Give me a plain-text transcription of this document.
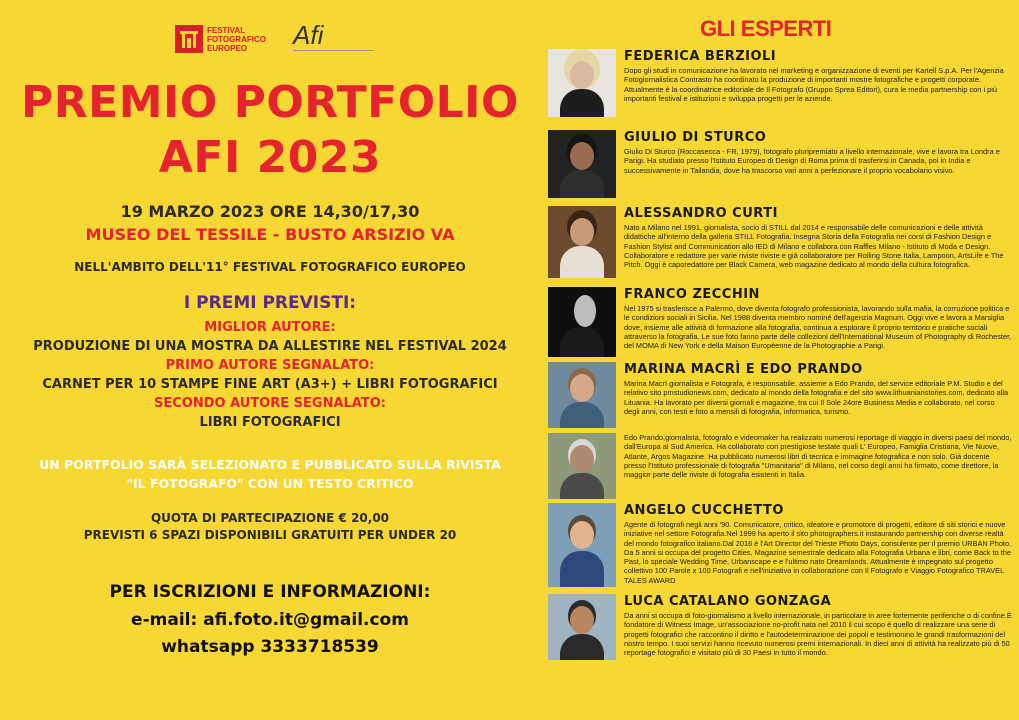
FESTIVAL
FOTOGRAFICO
EUROPEO	Afi
PREMIO PORTFOLIO
AFI 2023
19 MARZO 2023 ORE 14,30/17,30
MUSEO DEL TESSILE - BUSTO ARSIZIO VA
NELL'AMBITO DELL'11° FESTIVAL FOTOGRAFICO EUROPEO
I PREMI PREVISTI:
MIGLIOR AUTORE:
PRODUZIONE DI UNA MOSTRA DA ALLESTIRE NEL FESTIVAL 2024
PRIMO AUTORE SEGNALATO:
CARNET PER 10 STAMPE FINE ART (A3+) + LIBRI FOTOGRAFICI
SECONDO AUTORE SEGNALATO:
LIBRI FOTOGRAFICI
UN PORTFOLIO SARÀ SELEZIONATO E PUBBLICATO SULLA RIVISTA
"IL FOTOGRAFO" CON UN TESTO CRITICO
QUOTA DI PARTECIPAZIONE € 20,00
PREVISTI 6 SPAZI DISPONIBILI GRATUITI PER UNDER 20
PER ISCRIZIONI E INFORMAZIONI:
e-mail: afi.foto.it@gmail.com
whatsapp 3333718539
GLI ESPERTI
FEDERICA BERZIOLI
Dopo gli studi in comunicazione ha lavorato nel marketing e organizzazione di eventi per Kartell S.p.A. Per l'Agenzia Fotogiornalistica Contrasto ha coordinato la produzione di importanti mostre fotografiche e progetti corporate. Attualmente è la coordinatrice editoriale de Il Fotografo (Gruppo Sprea Editori), cura le media partnership con i più importanti festival e istituzioni e sviluppa progetti per le aziende.
GIULIO DI STURCO
Giulio Di Sturco (Roccasecca - FR, 1979), fotografo pluripremiato a livello internazionale, vive e lavora tra Londra e Parigi. Ha studiato presso l'Istituto Europeo di Design di Roma prima di trasferirsi in Canada, poi in India e successivamente in Tailandia, dove ha trascorso vari anni a perfezionare il proprio vocabolario visivo.
ALESSANDRO CURTI
Nato a Milano nel 1991, giornalista, socio di STILL dal 2014 e responsabile delle comunicazioni e delle attività didattiche all'interno della galleria STILL Fotografia. Insegna Storia della Fotografia nei corsi di Fashion Design e Fashion Stylist and Communication allo IED di Milano e collabora con Raffles Milano - Istituto di Moda e Design. Collaboratore e redattore per varie riviste riviste e già collaboratore per Rolling Stone Italia, Lampoon, ArtsLife e The Pitch. Oggi è caporedattore per Black Camera, web magazine dedicato al mondo della cultura fotografica.
FRANCO ZECCHIN
Nel 1975 si trasferisce a Palermo, dove diventa fotografo professionista, lavorando sulla mafia, la corruzione politica e le condizioni sociali in Sicilia. Nel 1988 diventa membro nominé dell'agenzia Magnum. Oggi vive e lavora a Marsiglia dove, insieme alle attività di formazione alla fotografia, continua a esplorare il proprio territorio e pratiche sociali attraverso la fotografia. Le sue foto fanno parte delle collezioni dell'International Museum of Photography di Rochester, del MOMA di New York e della Maison Européenne de la Photographie a Parigi.
MARINA MACRÌ E EDO PRANDO
Marina Macrì giornalista e Fotografa, è responsabile, assieme a Edo Prando, del service editoriale P.M. Studio e del relativo sito pmstudionews.com, dedicato al mondo della fotografia e del sito www.lithuanianstories.com, dedicato alla Lituania. Ha lavorato per diversi giornali e magazine, tra cui Il Sole 24ore Business Media e collaborato, nel corso degli anni, con testi e foto a mensili di fotografia, informatica, turismo.
Edo Prando,giornalista, fotografo e videomaker ha realizzato numerosi reportage di viaggio in diversi paesi del mondo, dall'Europa al Sud America. Ha collaborato con prestigiose testate quali L' Europeo, Famiglia Cristiana, Vie Nuove, Atlante, Argos Magazine. Ha pubblicato numerosi libri di tecnica e immagine fotografica e non solo. Già docente presso l'Istituto professionale di fotografia "Umanitaria" di Milano, nel corso degli anni ha firmato, come direttore, la maggior parte delle riviste di fotografia esistenti in Italia.
ANGELO CUCCHETTO
Agente di fotografi negli anni '90. Comunicatore, critico, ideatore e promotore di progetti, editore di siti storici e nuove iniziative nel settore Fotografia.Nel 1999 ha aperto il sito photographers.it instaurando partnership con diverse realtà del mondo fotografico italiano.Dal 2016 è l'Art Director del Trieste Photo Days, consulente per il premio URBAN Photo. Da 5 anni si occupa del progetto Cities, Magazine semestrale dedicato alla Fotografia Urbana e libri, come Back to the Past, lo speciale Wedding Time, Urbanscape e e l'ultimo nato Dreamlands. Attualmente è impegnato sul progetto collettivo 100 Parole x 100 Fotografi e nell'iniziativa in collaborazione con Il Fotografo e Viaggio Fotografico TRAVEL TALES AWARD
LUCA CATALANO GONZAGA
Da anni si occupa di foto-giornalismo a livello internazionale, in particolare in aree fortemente periferiche o di confine.È fondatore di Witness Image, un'associazione no-profit nata nel 2010 il cui scopo è quello di realizzare una serie di progetti fotografici che raccontino il diritto e l'autodeterminazione dei popoli e testimonino le grandi trasformazioni del nostro tempo. I suoi servizi hanno ricevuto numerosi premi internazionali. In dieci anni di attività ha realizzato più di 50 reportage fotografici e visitato più di 30 Paesi in tutto il mondo.
